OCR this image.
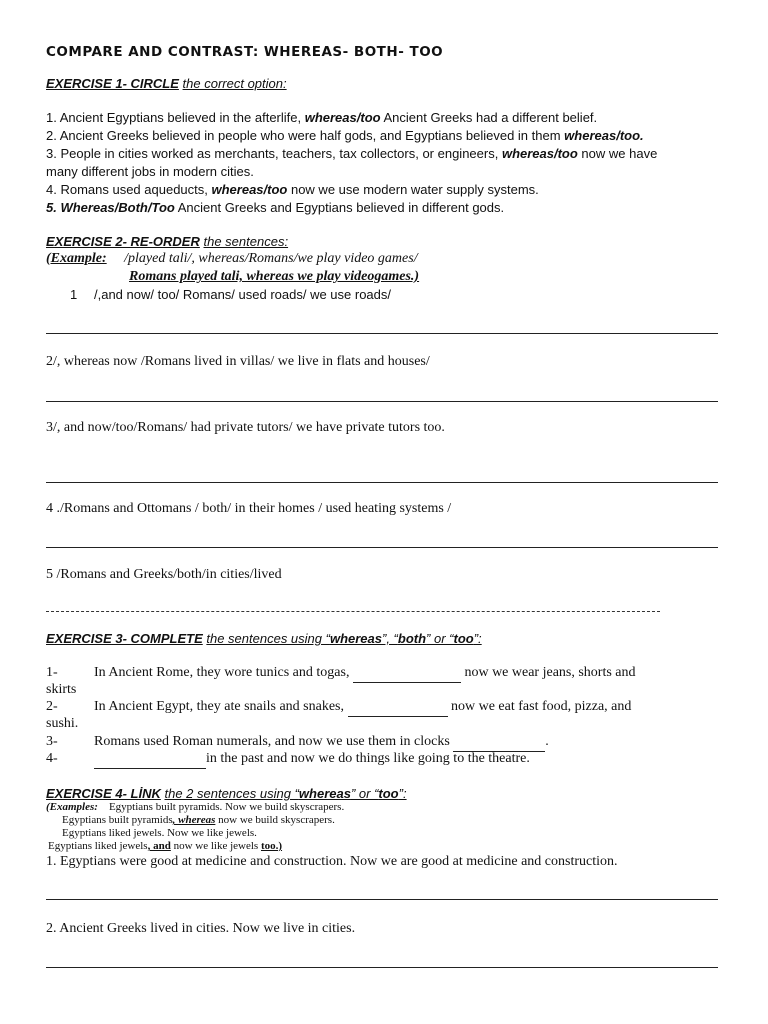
COMPARE AND CONTRAST: WHEREAS- BOTH- TOO
EXERCISE 1- CIRCLE the correct option:
1. Ancient Egyptians believed in the afterlife, whereas/too Ancient Greeks had a different belief.
2. Ancient Greeks believed in people who were half gods, and Egyptians believed in them whereas/too.
3. People in cities worked as merchants, teachers, tax collectors, or engineers, whereas/too now we have
many different jobs in modern cities.
4. Romans used aqueducts, whereas/too now we use modern water supply systems.
5. Whereas/Both/Too Ancient Greeks and Egyptians believed in different gods.
EXERCISE 2- RE-ORDER the sentences:
(Example: /played tali/, whereas/Romans/we play video games/
Romans played tali, whereas we play videogames.)
1 /,and now/ too/ Romans/ used roads/ we use roads/
2/, whereas now /Romans lived in villas/ we live in flats and houses/
3/, and now/too/Romans/ had private tutors/ we have private tutors too.
4 ./Romans and Ottomans / both/ in their homes / used heating systems /
5 /Romans and Greeks/both/in cities/lived
EXERCISE 3- COMPLETE the sentences using “whereas”, “both” or “too”:
1-	In Ancient Rome, they wore tunics and togas,	now we wear jeans, shorts and
skirts
2-	In Ancient Egypt, they ate snails and snakes,	now we eat fast food, pizza, and
sushi.
3-	Romans used Roman numerals, and now we use them in clocks	.
4-	in the past and now we do things like going to the theatre.
EXERCISE 4- LİNK the 2 sentences using “whereas” or “too”:
(Examples: Egyptians built pyramids. Now we build skyscrapers.
Egyptians built pyramids, whereas now we build skyscrapers.
Egyptians liked jewels. Now we like jewels.
Egyptians liked jewels, and now we like jewels too.)
1. Egyptians were good at medicine and construction. Now we are good at medicine and construction.
2. Ancient Greeks lived in cities. Now we live in cities.
